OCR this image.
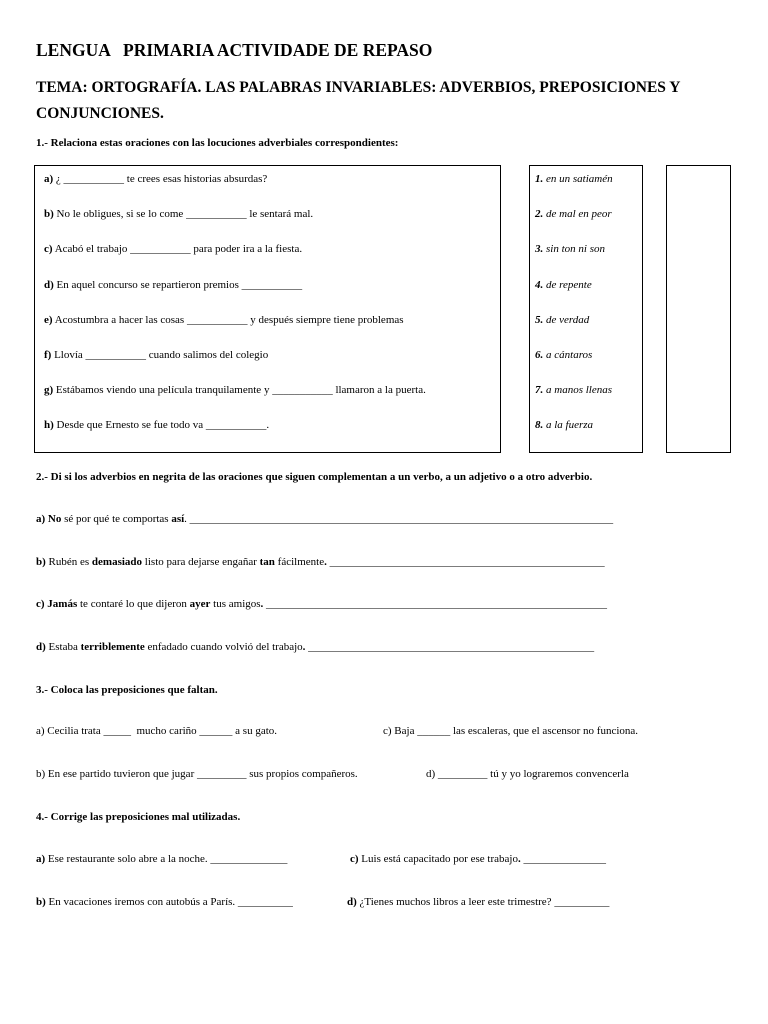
LENGUA   PRIMARIA ACTIVIDADE DE REPASO
TEMA: ORTOGRAFÍA. LAS PALABRAS INVARIABLES: ADVERBIOS, PREPOSICIONES Y CONJUNCIONES.
1.- Relaciona estas oraciones con las locuciones adverbiales correspondientes:
a) ¿ ___________ te crees esas historias absurdas?
b) No le obligues, si se lo come ___________ le sentará mal.
c) Acabó el trabajo ___________ para poder ira a la fiesta.
d) En aquel concurso se repartieron premios ___________
e) Acostumbra a hacer las cosas ___________ y después siempre tiene problemas
f) Llovía ___________ cuando salimos del colegio
g) Estábamos viendo una película tranquilamente y ___________ llamaron a la puerta.
h) Desde que Ernesto se fue todo va ___________.
1. en un satiamén
2. de mal en peor
3. sin ton ni son
4. de repente
5. de verdad
6. a cántaros
7. a manos llenas
8. a la fuerza
2.- Di si los adverbios en negrita de las oraciones que siguen complementan a un verbo, a un adjetivo o a otro adverbio.
a) No sé por qué te comportas así. _____________________________________________________________________________
b) Rubén es demasiado listo para dejarse engañar tan fácilmente. __________________________________________________
c) Jamás te contaré lo que dijeron ayer tus amigos. ______________________________________________________________
d) Estaba terriblemente enfadado cuando volvió del trabajo. ____________________________________________________
3.- Coloca las preposiciones que faltan.
a) Cecilia trata _____  mucho cariño ______ a su gato.	c) Baja ______ las escaleras, que el ascensor no funciona.
b) En ese partido tuvieron que jugar _________ sus propios compañeros.	d) _________ tú y yo lograremos convencerla
4.- Corrige las preposiciones mal utilizadas.
a) Ese restaurante solo abre a la noche. ______________	c) Luis está capacitado por ese trabajo. _______________
b) En vacaciones iremos con autobús a París. __________	d) ¿Tienes muchos libros a leer este trimestre? __________
